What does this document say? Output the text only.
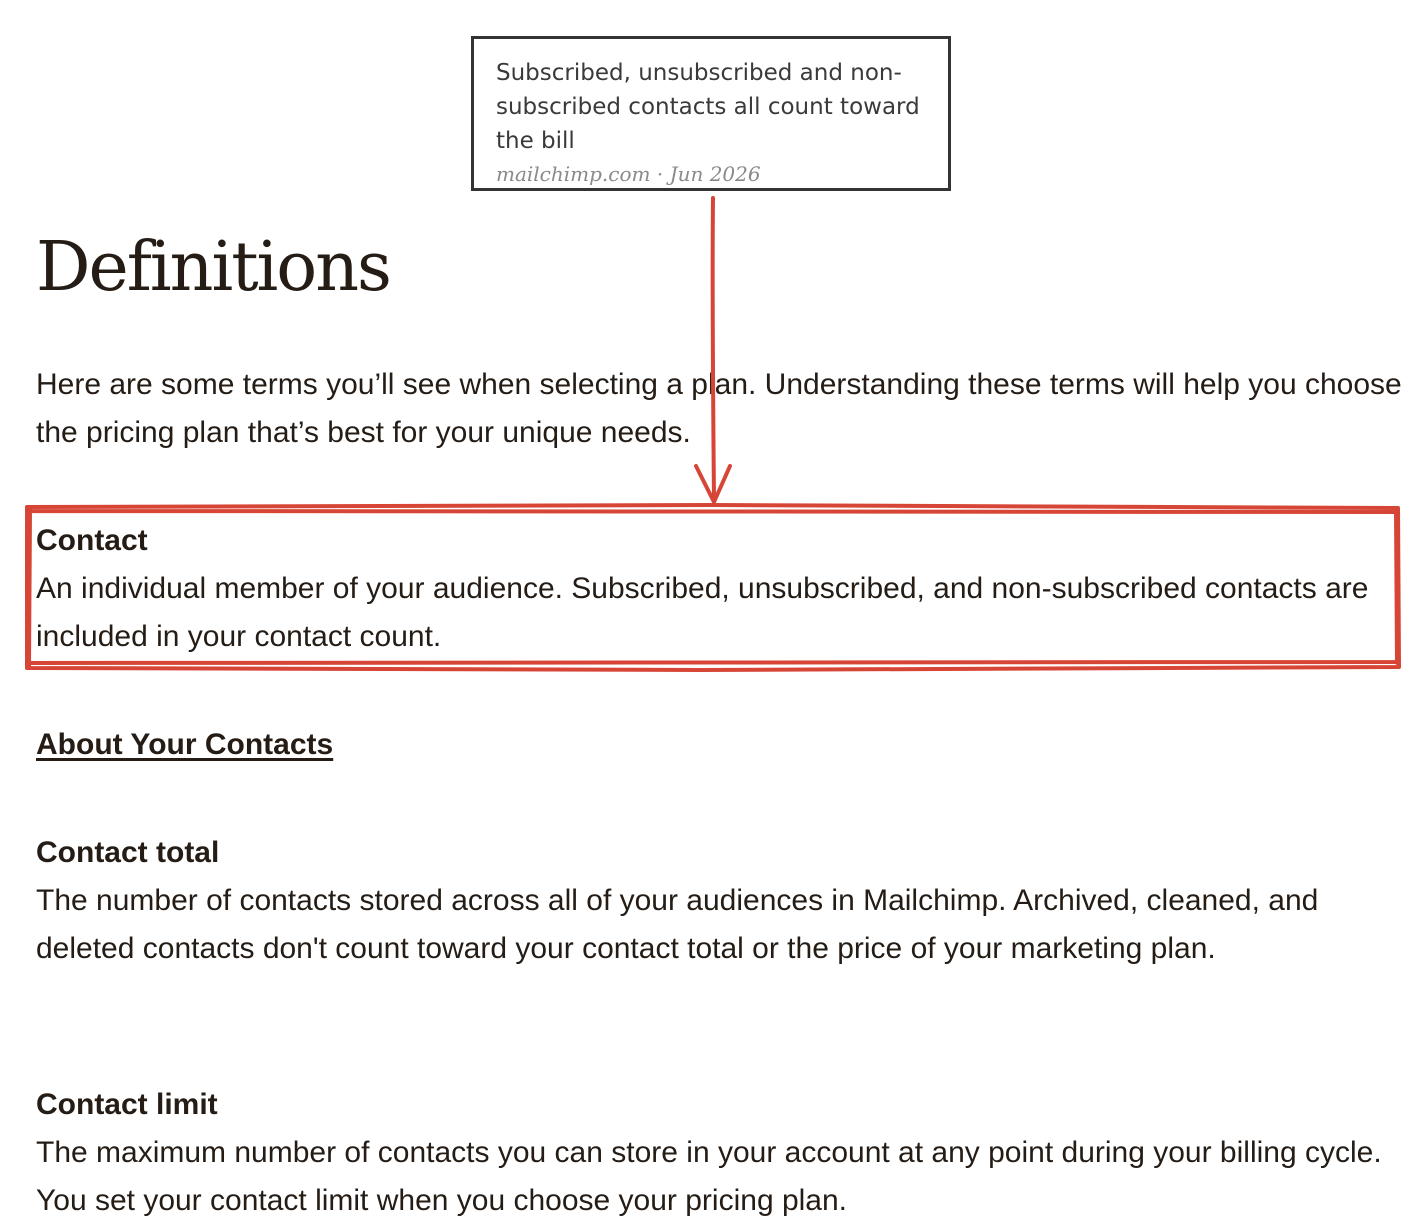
Definitions

Here are some terms you’ll see when selecting a plan. Understanding these terms will help you choose the pricing plan that’s best for your unique needs.

Contact
An individual member of your audience. Subscribed, unsubscribed, and non-subscribed contacts are included in your contact count.
About Your Contacts
Contact total
The number of contacts stored across all of your audiences in Mailchimp. Archived, cleaned, and deleted contacts don't count toward your contact total or the price of your marketing plan.
Contact limit
The maximum number of contacts you can store in your account at any point during your billing cycle. You set your contact limit when you choose your pricing plan.
Subscribed, unsubscribed and non-subscribed contacts all count toward the bill
mailchimp.com · Jun 2026
